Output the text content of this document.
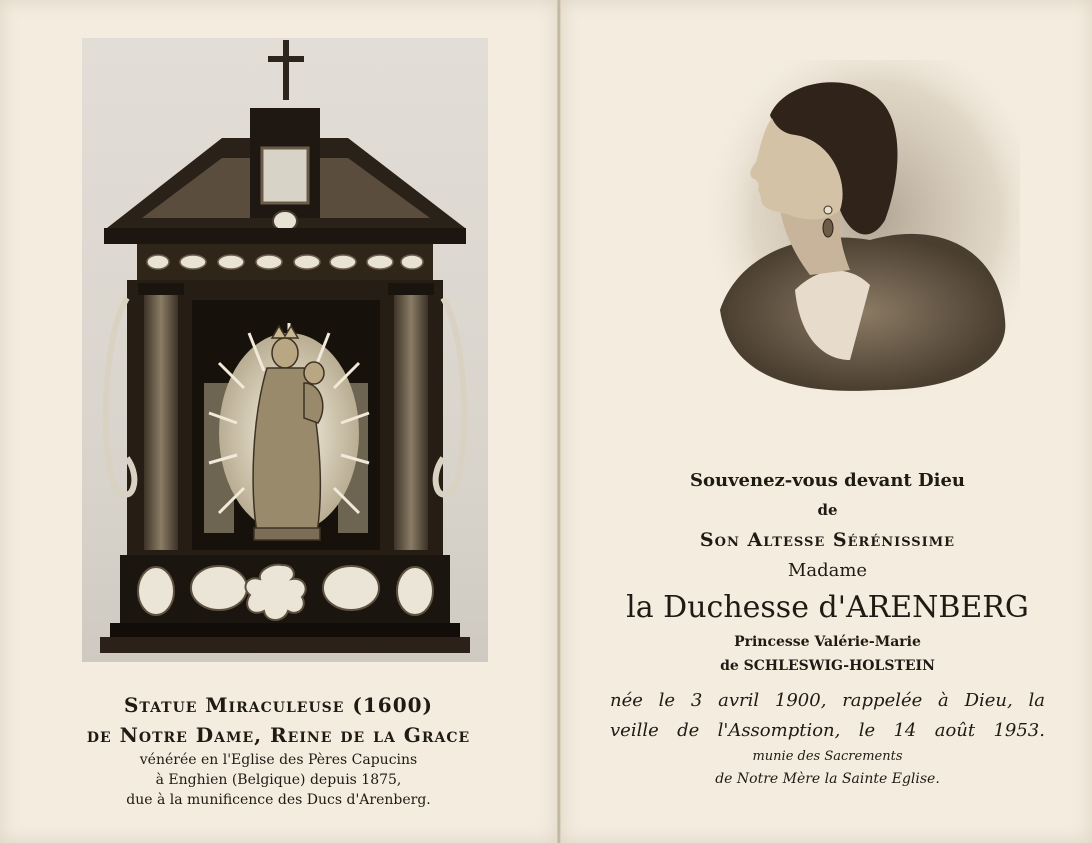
Statue Miraculeuse (1600)
de Notre Dame, Reine de la Grace
vénérée en l'Eglise des Pères Capucins
à Enghien (Belgique) depuis 1875,
due à la munificence des Ducs d'Arenberg.
Souvenez-vous devant Dieu
de
Son Altesse Sérénissime
Madame
la Duchesse d'ARENBERG
Princesse Valérie-Marie
de SCHLESWIG-HOLSTEIN
née le 3 avril 1900, rappelée à Dieu, la
veille de l'Assomption, le 14 août 1953.
munie des Sacrements
de Notre Mère la Sainte Eglise.
